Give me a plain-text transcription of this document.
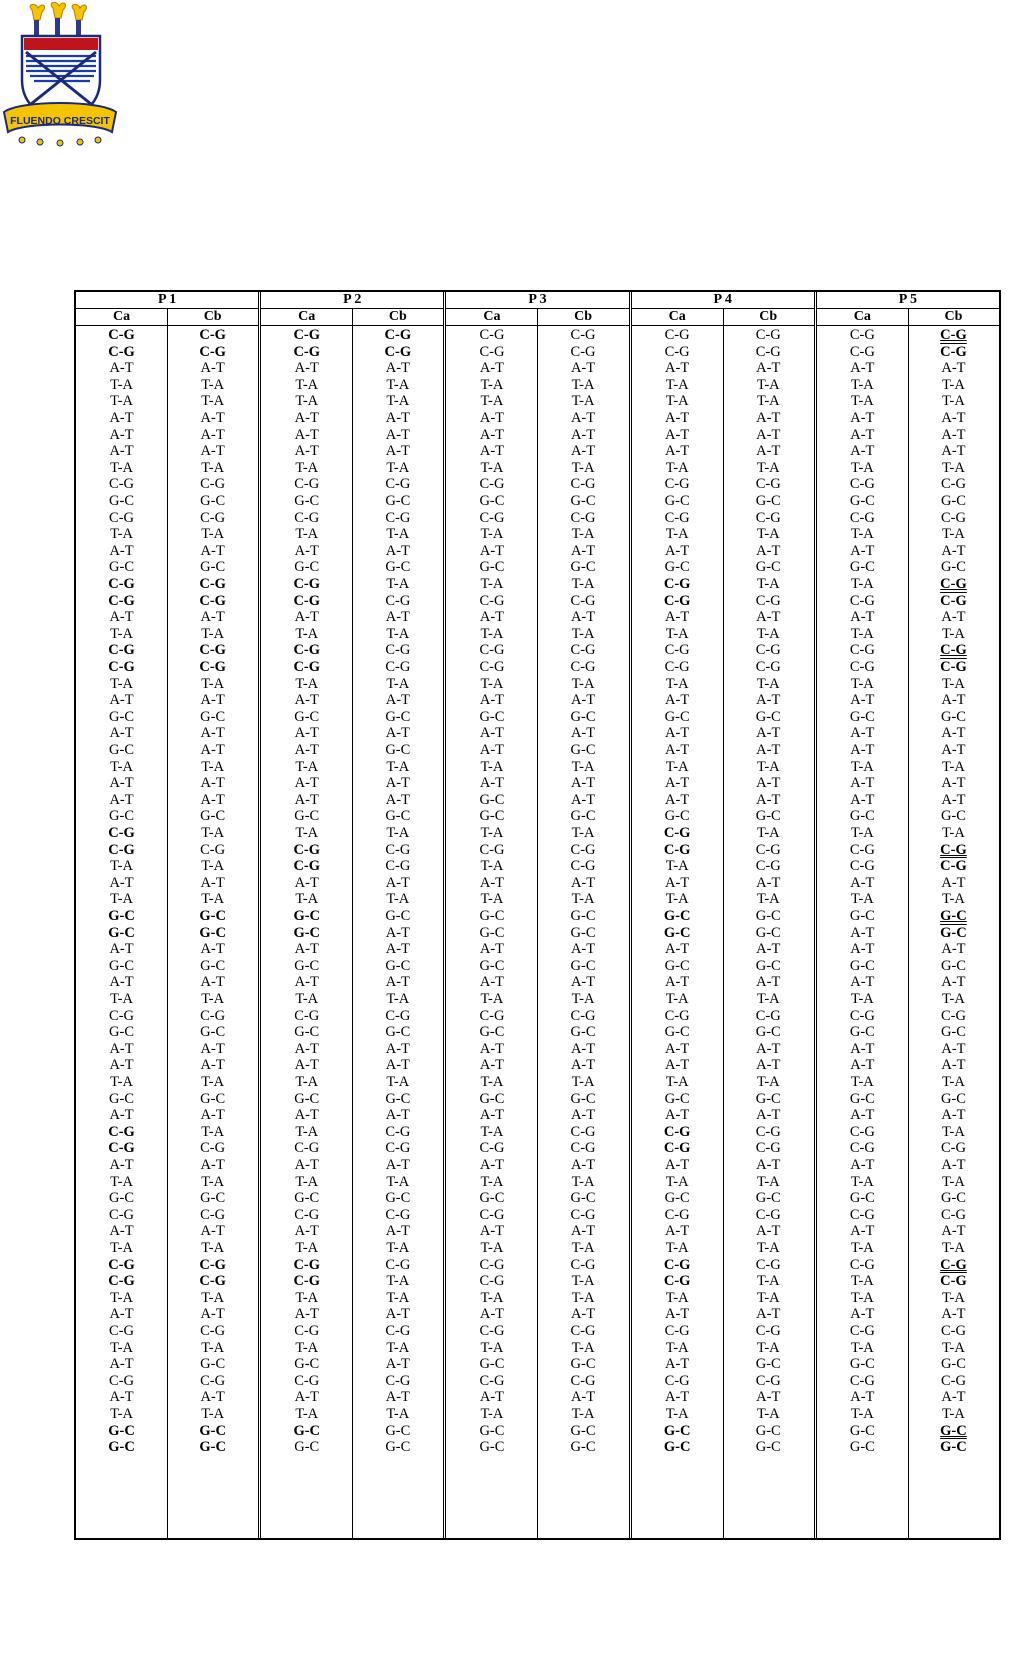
FLUENDO CRESCIT
P 1
Ca
C-G
C-G
A-T
T-A
T-A
A-T
A-T
A-T
T-A
C-G
G-C
C-G
T-A
A-T
G-C
C-G
C-G
A-T
T-A
C-G
C-G
T-A
A-T
G-C
A-T
G-C
T-A
A-T
A-T
G-C
C-G
C-G
T-A
A-T
T-A
G-C
G-C
A-T
G-C
A-T
T-A
C-G
G-C
A-T
A-T
T-A
G-C
A-T
C-G
C-G
A-T
T-A
G-C
C-G
A-T
T-A
C-G
C-G
T-A
A-T
C-G
T-A
A-T
C-G
A-T
T-A
G-C
G-C
Cb
C-G
C-G
A-T
T-A
T-A
A-T
A-T
A-T
T-A
C-G
G-C
C-G
T-A
A-T
G-C
C-G
C-G
A-T
T-A
C-G
C-G
T-A
A-T
G-C
A-T
A-T
T-A
A-T
A-T
G-C
T-A
C-G
T-A
A-T
T-A
G-C
G-C
A-T
G-C
A-T
T-A
C-G
G-C
A-T
A-T
T-A
G-C
A-T
T-A
C-G
A-T
T-A
G-C
C-G
A-T
T-A
C-G
C-G
T-A
A-T
C-G
T-A
G-C
C-G
A-T
T-A
G-C
G-C
P 2
Ca
C-G
C-G
A-T
T-A
T-A
A-T
A-T
A-T
T-A
C-G
G-C
C-G
T-A
A-T
G-C
C-G
C-G
A-T
T-A
C-G
C-G
T-A
A-T
G-C
A-T
A-T
T-A
A-T
A-T
G-C
T-A
C-G
C-G
A-T
T-A
G-C
G-C
A-T
G-C
A-T
T-A
C-G
G-C
A-T
A-T
T-A
G-C
A-T
T-A
C-G
A-T
T-A
G-C
C-G
A-T
T-A
C-G
C-G
T-A
A-T
C-G
T-A
G-C
C-G
A-T
T-A
G-C
G-C
Cb
C-G
C-G
A-T
T-A
T-A
A-T
A-T
A-T
T-A
C-G
G-C
C-G
T-A
A-T
G-C
T-A
C-G
A-T
T-A
C-G
C-G
T-A
A-T
G-C
A-T
G-C
T-A
A-T
A-T
G-C
T-A
C-G
C-G
A-T
T-A
G-C
A-T
A-T
G-C
A-T
T-A
C-G
G-C
A-T
A-T
T-A
G-C
A-T
C-G
C-G
A-T
T-A
G-C
C-G
A-T
T-A
C-G
T-A
T-A
A-T
C-G
T-A
A-T
C-G
A-T
T-A
G-C
G-C
P 3
Ca
C-G
C-G
A-T
T-A
T-A
A-T
A-T
A-T
T-A
C-G
G-C
C-G
T-A
A-T
G-C
T-A
C-G
A-T
T-A
C-G
C-G
T-A
A-T
G-C
A-T
A-T
T-A
A-T
G-C
G-C
T-A
C-G
T-A
A-T
T-A
G-C
G-C
A-T
G-C
A-T
T-A
C-G
G-C
A-T
A-T
T-A
G-C
A-T
T-A
C-G
A-T
T-A
G-C
C-G
A-T
T-A
C-G
C-G
T-A
A-T
C-G
T-A
G-C
C-G
A-T
T-A
G-C
G-C
Cb
C-G
C-G
A-T
T-A
T-A
A-T
A-T
A-T
T-A
C-G
G-C
C-G
T-A
A-T
G-C
T-A
C-G
A-T
T-A
C-G
C-G
T-A
A-T
G-C
A-T
G-C
T-A
A-T
A-T
G-C
T-A
C-G
C-G
A-T
T-A
G-C
G-C
A-T
G-C
A-T
T-A
C-G
G-C
A-T
A-T
T-A
G-C
A-T
C-G
C-G
A-T
T-A
G-C
C-G
A-T
T-A
C-G
T-A
T-A
A-T
C-G
T-A
G-C
C-G
A-T
T-A
G-C
G-C
P 4
Ca
C-G
C-G
A-T
T-A
T-A
A-T
A-T
A-T
T-A
C-G
G-C
C-G
T-A
A-T
G-C
C-G
C-G
A-T
T-A
C-G
C-G
T-A
A-T
G-C
A-T
A-T
T-A
A-T
A-T
G-C
C-G
C-G
T-A
A-T
T-A
G-C
G-C
A-T
G-C
A-T
T-A
C-G
G-C
A-T
A-T
T-A
G-C
A-T
C-G
C-G
A-T
T-A
G-C
C-G
A-T
T-A
C-G
C-G
T-A
A-T
C-G
T-A
A-T
C-G
A-T
T-A
G-C
G-C
Cb
C-G
C-G
A-T
T-A
T-A
A-T
A-T
A-T
T-A
C-G
G-C
C-G
T-A
A-T
G-C
T-A
C-G
A-T
T-A
C-G
C-G
T-A
A-T
G-C
A-T
A-T
T-A
A-T
A-T
G-C
T-A
C-G
C-G
A-T
T-A
G-C
G-C
A-T
G-C
A-T
T-A
C-G
G-C
A-T
A-T
T-A
G-C
A-T
C-G
C-G
A-T
T-A
G-C
C-G
A-T
T-A
C-G
T-A
T-A
A-T
C-G
T-A
G-C
C-G
A-T
T-A
G-C
G-C
P 5
Ca
C-G
C-G
A-T
T-A
T-A
A-T
A-T
A-T
T-A
C-G
G-C
C-G
T-A
A-T
G-C
T-A
C-G
A-T
T-A
C-G
C-G
T-A
A-T
G-C
A-T
A-T
T-A
A-T
A-T
G-C
T-A
C-G
C-G
A-T
T-A
G-C
A-T
A-T
G-C
A-T
T-A
C-G
G-C
A-T
A-T
T-A
G-C
A-T
C-G
C-G
A-T
T-A
G-C
C-G
A-T
T-A
C-G
T-A
T-A
A-T
C-G
T-A
G-C
C-G
A-T
T-A
G-C
G-C
Cb
C-G
C-G
A-T
T-A
T-A
A-T
A-T
A-T
T-A
C-G
G-C
C-G
T-A
A-T
G-C
C-G
C-G
A-T
T-A
C-G
C-G
T-A
A-T
G-C
A-T
A-T
T-A
A-T
A-T
G-C
T-A
C-G
C-G
A-T
T-A
G-C
G-C
A-T
G-C
A-T
T-A
C-G
G-C
A-T
A-T
T-A
G-C
A-T
T-A
C-G
A-T
T-A
G-C
C-G
A-T
T-A
C-G
C-G
T-A
A-T
C-G
T-A
G-C
C-G
A-T
T-A
G-C
G-C
